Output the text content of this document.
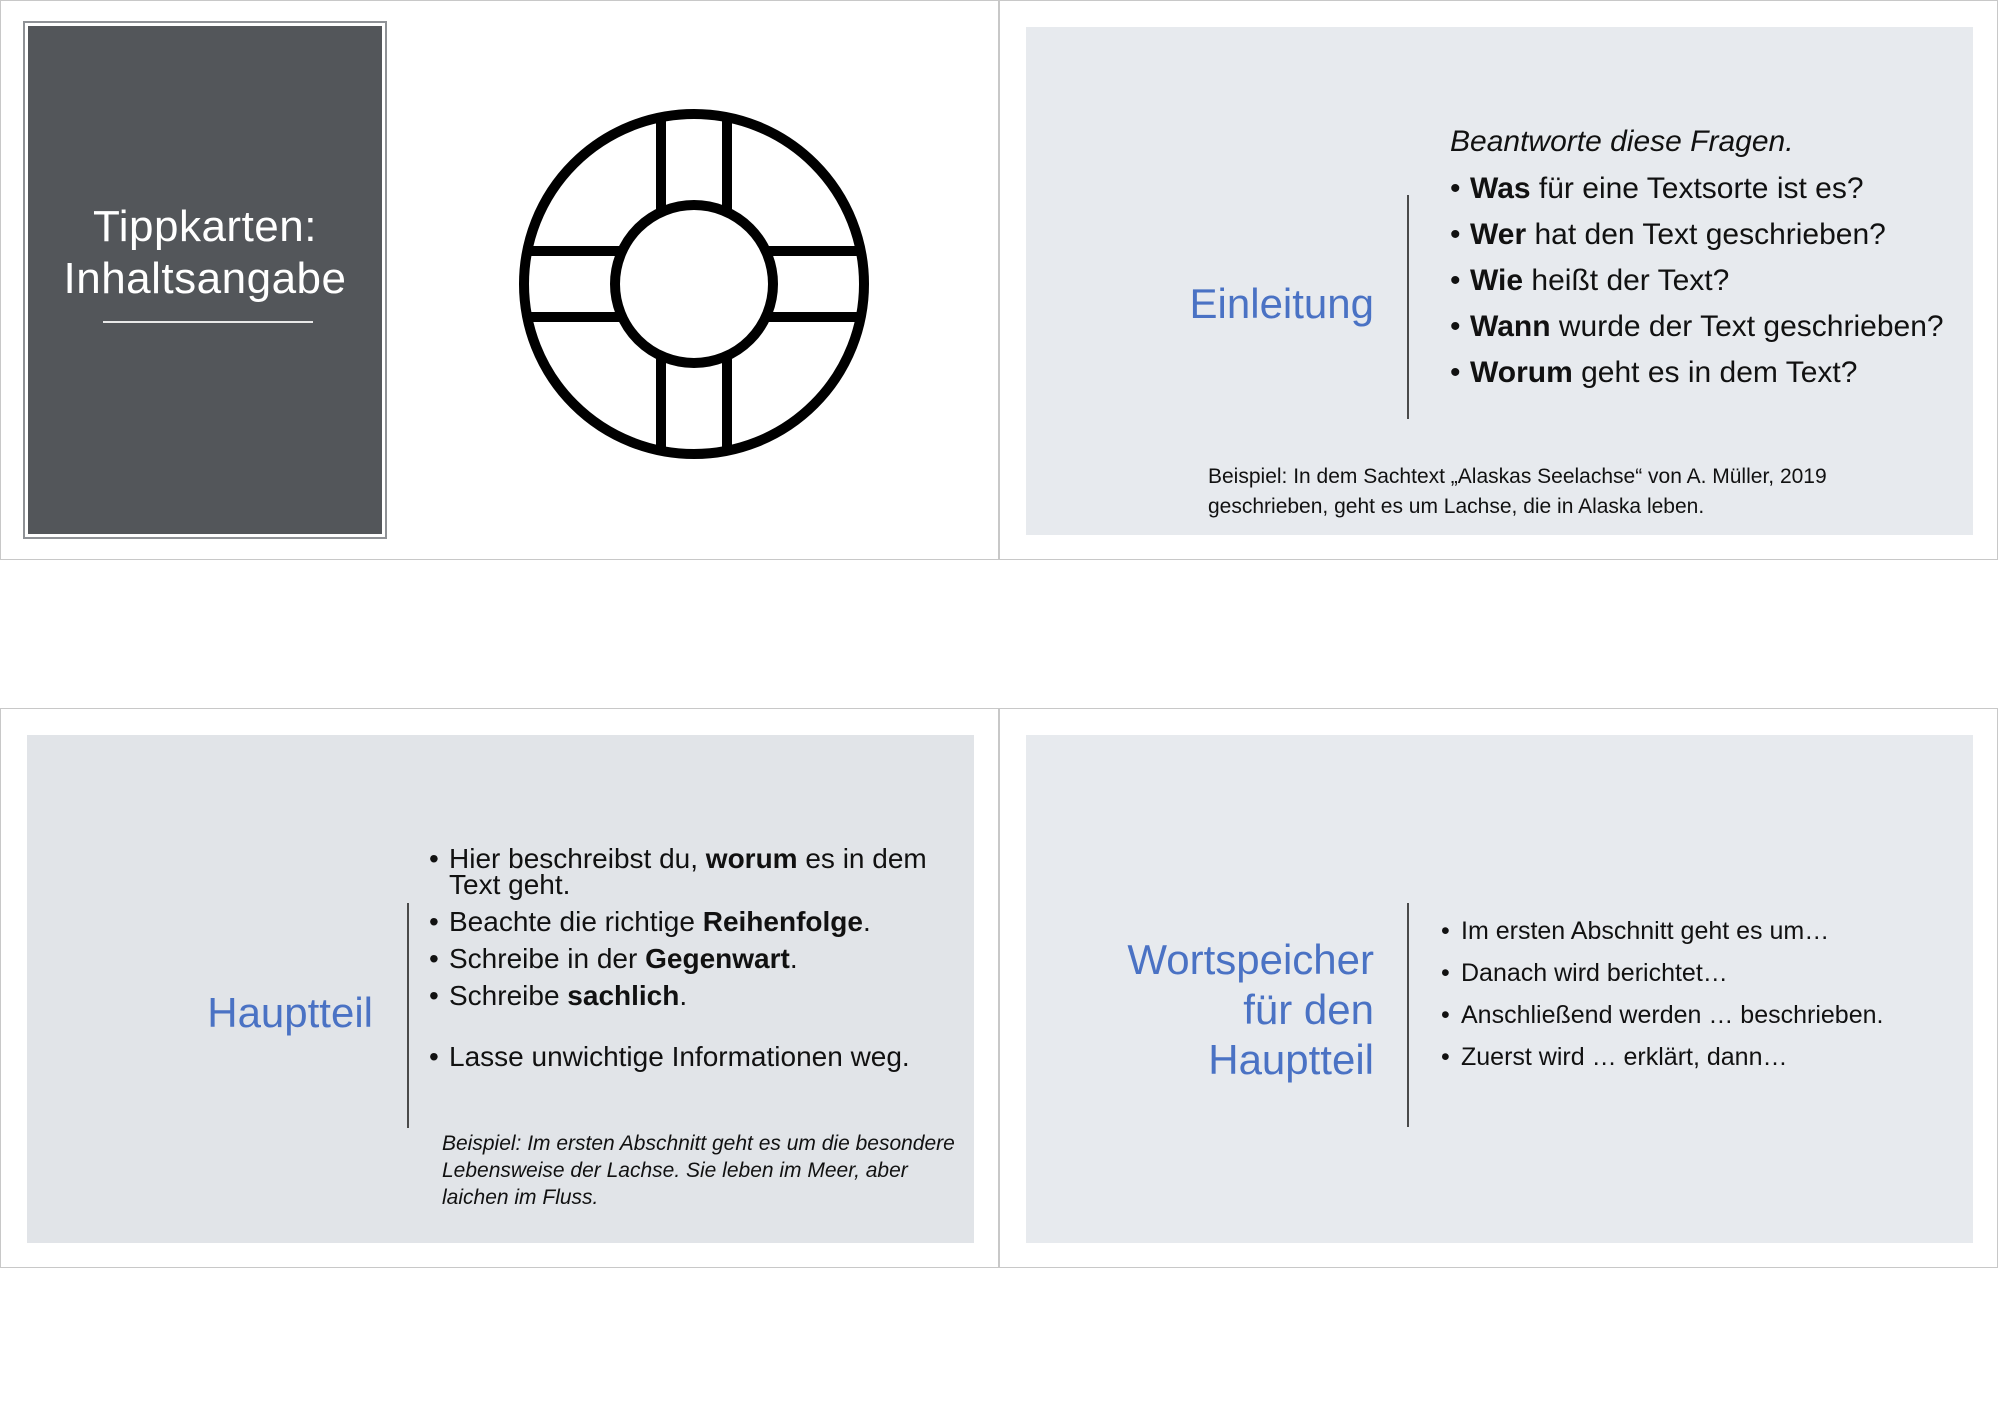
Tippkarten:
Inhaltsangabe
Einleitung
Beantworte diese Fragen.
• Was für eine Textsorte ist es?
• Wer hat den Text geschrieben?
• Wie heißt der Text?
• Wann wurde der Text geschrieben?
• Worum geht es in dem Text?
Beispiel: In dem Sachtext „Alaskas Seelachse“ von A. Müller, 2019 geschrieben, geht es um Lachse, die in Alaska leben.
Hauptteil
• Hier beschreibst du, worum es in dem Text geht.
• Beachte die richtige Reihenfolge.
• Schreibe in der Gegenwart.
• Schreibe sachlich.
• Lasse unwichtige Informationen weg.
Beispiel: Im ersten Abschnitt geht es um die besondere Lebensweise der Lachse. Sie leben im Meer, aber laichen im Fluss.
Wortspeicher
für den
Hauptteil
• Im ersten Abschnitt geht es um…
• Danach wird berichtet…
• Anschließend werden … beschrieben.
• Zuerst wird … erklärt, dann…
